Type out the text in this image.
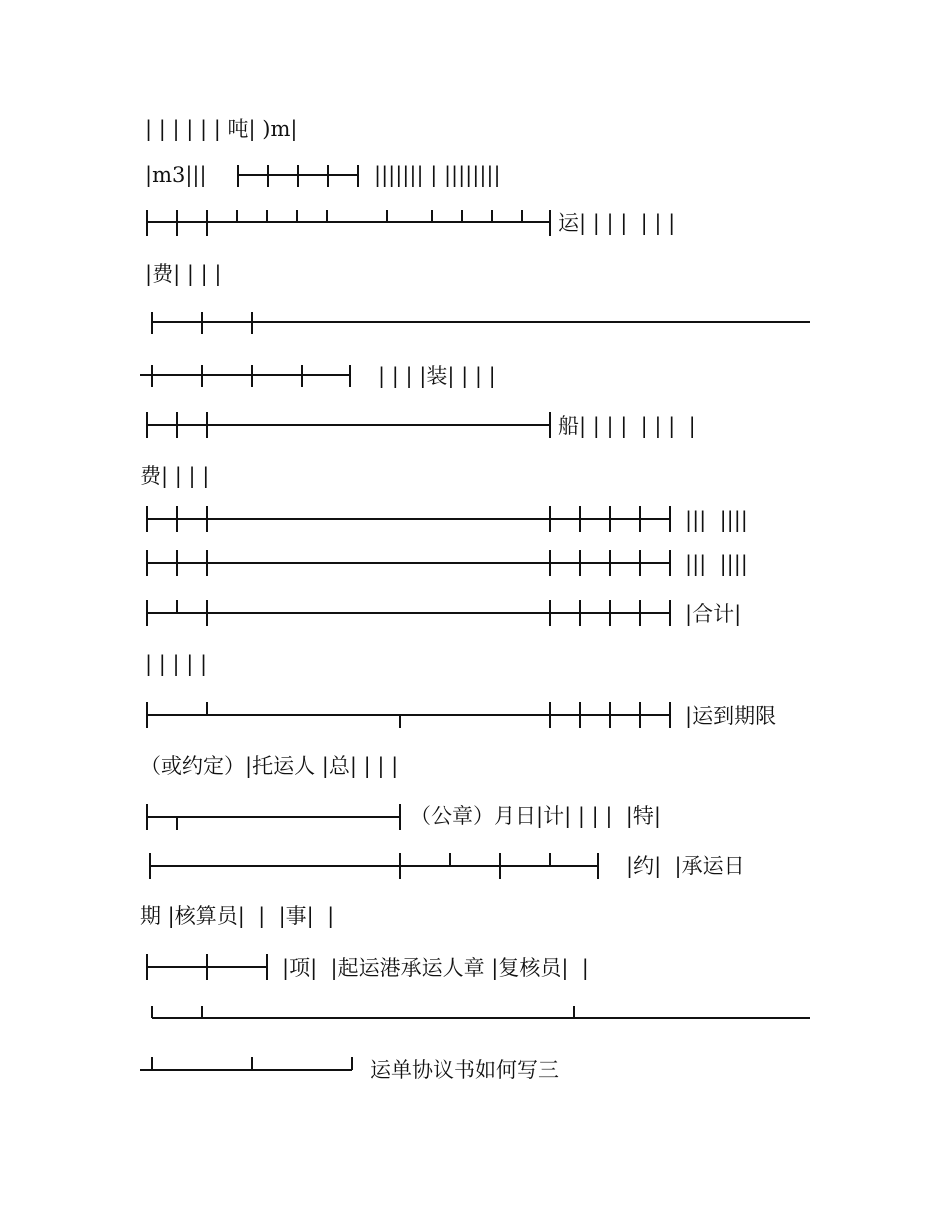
| | | | | | 吨| )m|
|m3|||	||||||| | ||||||||
运| | | |  | | |
|费| | | |
| | | |装| | | |
船| | | |  | | |  |
费| | | |
|||  ||||
|||  ||||
|合计|
| | | | |
|运到期限
（或约定）|托运人 |总| | | |
（公章）月日|计| | | |  |特|
|约|  |承运日
期 |核算员|  |  |事|  |
|项|  |起运港承运人章 |复核员|  |
运单协议书如何写三
